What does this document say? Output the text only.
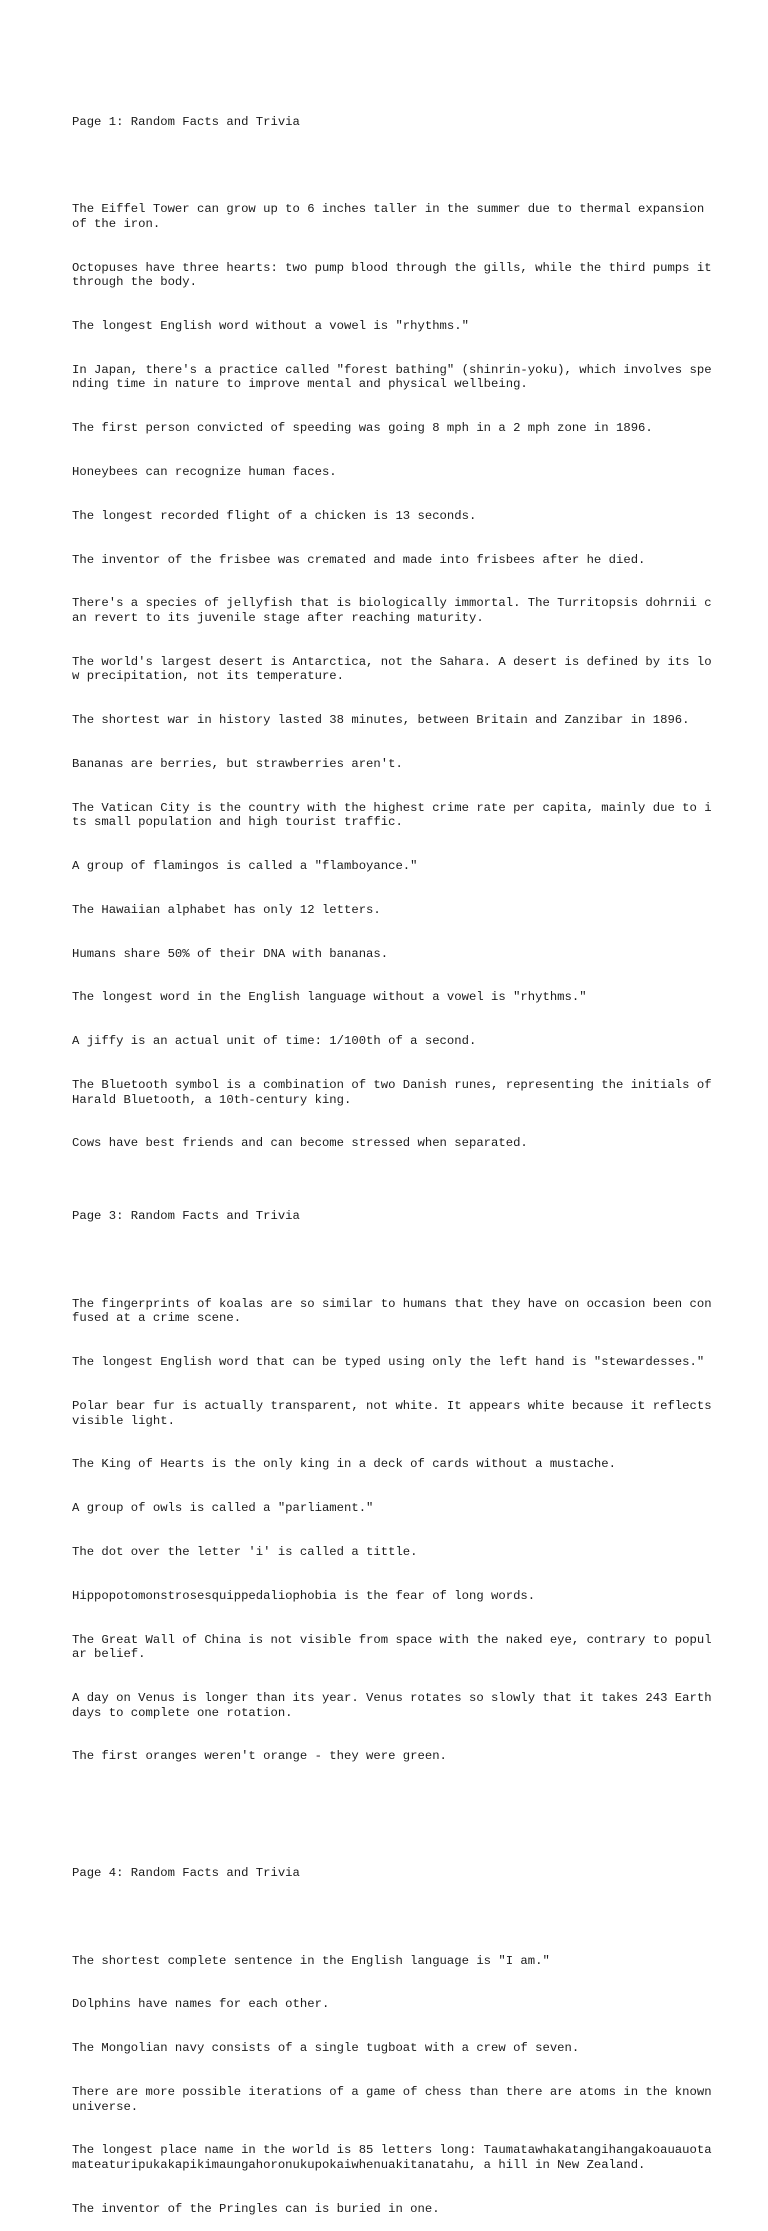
Page 1: Random Facts and Trivia

The Eiffel Tower can grow up to 6 inches taller in the summer due to thermal expansion of the iron.

Octopuses have three hearts: two pump blood through the gills, while the third pumps it through the body.

The longest English word without a vowel is "rhythms."

In Japan, there's a practice called "forest bathing" (shinrin-yoku), which involves spending time in nature to improve mental and physical wellbeing.

The first person convicted of speeding was going 8 mph in a 2 mph zone in 1896.

Honeybees can recognize human faces.

The longest recorded flight of a chicken is 13 seconds.

The inventor of the frisbee was cremated and made into frisbees after he died.

There's a species of jellyfish that is biologically immortal. The Turritopsis dohrnii can revert to its juvenile stage after reaching maturity.

The world's largest desert is Antarctica, not the Sahara. A desert is defined by its low precipitation, not its temperature.

The shortest war in history lasted 38 minutes, between Britain and Zanzibar in 1896.

Bananas are berries, but strawberries aren't.

The Vatican City is the country with the highest crime rate per capita, mainly due to its small population and high tourist traffic.

A group of flamingos is called a "flamboyance."

The Hawaiian alphabet has only 12 letters.

Humans share 50% of their DNA with bananas.

The longest word in the English language without a vowel is "rhythms."

A jiffy is an actual unit of time: 1/100th of a second.

The Bluetooth symbol is a combination of two Danish runes, representing the initials of Harald Bluetooth, a 10th-century king.

Cows have best friends and can become stressed when separated.

Page 3: Random Facts and Trivia

The fingerprints of koalas are so similar to humans that they have on occasion been confused at a crime scene.

The longest English word that can be typed using only the left hand is "stewardesses."

Polar bear fur is actually transparent, not white. It appears white because it reflects visible light.

The King of Hearts is the only king in a deck of cards without a mustache.

A group of owls is called a "parliament."

The dot over the letter 'i' is called a tittle.

Hippopotomonstrosesquippedaliophobia is the fear of long words.

The Great Wall of China is not visible from space with the naked eye, contrary to popular belief.

A day on Venus is longer than its year. Venus rotates so slowly that it takes 243 Earth days to complete one rotation.

The first oranges weren't orange - they were green.

Page 4: Random Facts and Trivia

The shortest complete sentence in the English language is "I am."

Dolphins have names for each other.

The Mongolian navy consists of a single tugboat with a crew of seven.

There are more possible iterations of a game of chess than there are atoms in the known universe.

The longest place name in the world is 85 letters long: Taumatawhakatangihangakoauauotamateaturipukakapikimaungahoronukupokaiwhenuakitanatahu, a hill in New Zealand.

The inventor of the Pringles can is buried in one.
